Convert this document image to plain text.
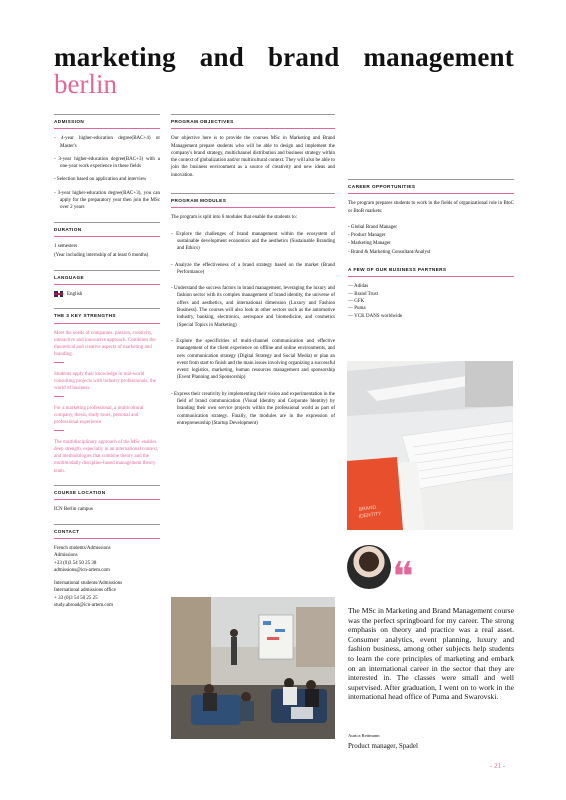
marketing and brand management
berlin
ADMISSION
- 4-year higher-education degree(BAC+4) or Master's
- 3-year higher-education degree(BAC+3) with a one-year work experience in these fields
- Selection based on application and interview
- 3-year higher-education degree(BAC+3), you can apply for the preparatory year then join the MSc over 2 years
DURATION
1 semesters
(Year including internship of at least 6 months)
LANGUAGE
English
THE 3 KEY STRENGTHS
Meet the needs of companies: passion, creativity, interactive and innovative approach. Combines the theoretical and creative aspects of marketing and branding.
Students apply their knowledge in real-world consulting projects with industry professionals, the world of business.
For a marketing professional, a multicultural company, thesis, study tours, personal and professional experience.
The multidisciplinary approach of the MSc enables deep strength, especially in an international context, and methodologies that combine theory and the multimodally discipline-based management theory team.
COURSE LOCATION
ICN Berlin campus
CONTACT
French students/Admissions
Admissions
+33 (0)3 54 50 25 38
admissions@icn-artem.com
International students/Admissions
International admissions office
+ 33 (0)3 54 50 25 25
study.abroad@icn-artem.com
PROGRAM OBJECTIVES
Our objective here is to provide the courses MSc in Marketing and Brand Management prepare students who will be able to design and implement the company's brand strategy, multichannel distribution and business strategy within the context of globalization and/or multicultural context. They will also be able to join the business environment as a source of creativity and new ideas and innovation.
PROGRAM MODULES
The program is split into 6 modules that enable the students to:
- Explore the challenges of brand management within the ecosystem of sustainable development economics and the aesthetics (Sustainable Branding and Ethics)
- Analyze the effectiveness of a brand strategy based on the market (Brand Performance)
- Understand the success factors in brand management, leveraging the luxury and fashion sector with its complex management of brand identity, the universe of offers and aesthetics, and international dimension (Luxury and Fashion Business). The courses will also look at other sectors such as the automotive industry, banking, electronics, aerospace and biomedicine, and cosmetics (Special Topics in Marketing)
- Explore the specificities of multi-channel communication and effective management of the client experience on offline and online environments, and new communication strategy (Digital Strategy and Social Media) or plan an event from start to finish and the main issues involving organizing a successful event: logistics, marketing, human resources management and sponsorship (Event Planning and Sponsorship)
- Express their creativity by implementing their vision and experimentation in the field of brand communication (Visual Identity and Corporate Identity) by branding their own service projects within the professional world as part of communication strategy. Finally, the modules are in the expression of entrepreneurship (Startup Development)
CAREER OPPORTUNITIES
The program prepares students to work in the fields of organizational role in BtoC or BtoB markets:
- Global Brand Manager
- Product Manager
- Marketing Manager
- Brand & Marketing Consultant/Analyst
A FEW OF OUR BUSINESS PARTNERS
— Adidas
— Brand Trust
— GFK
— Puma
— VCK DANS worldwide
BRAND
IDENTITY
❛❛
The MSc in Marketing and Brand Management course was the perfect springboard for my career. The strong emphasis on theory and practice was a real asset. Consumer analytics, event planning, luxury and fashion business, among other subjects help students to learn the core principles of marketing and embark on an international career in the sector that they are interested in. The classes were small and well supervised. After graduation, I went on to work in the international head office of Puma and Swarovski.
Aurica Reitmann
Product manager, Spadel
- 21 -
